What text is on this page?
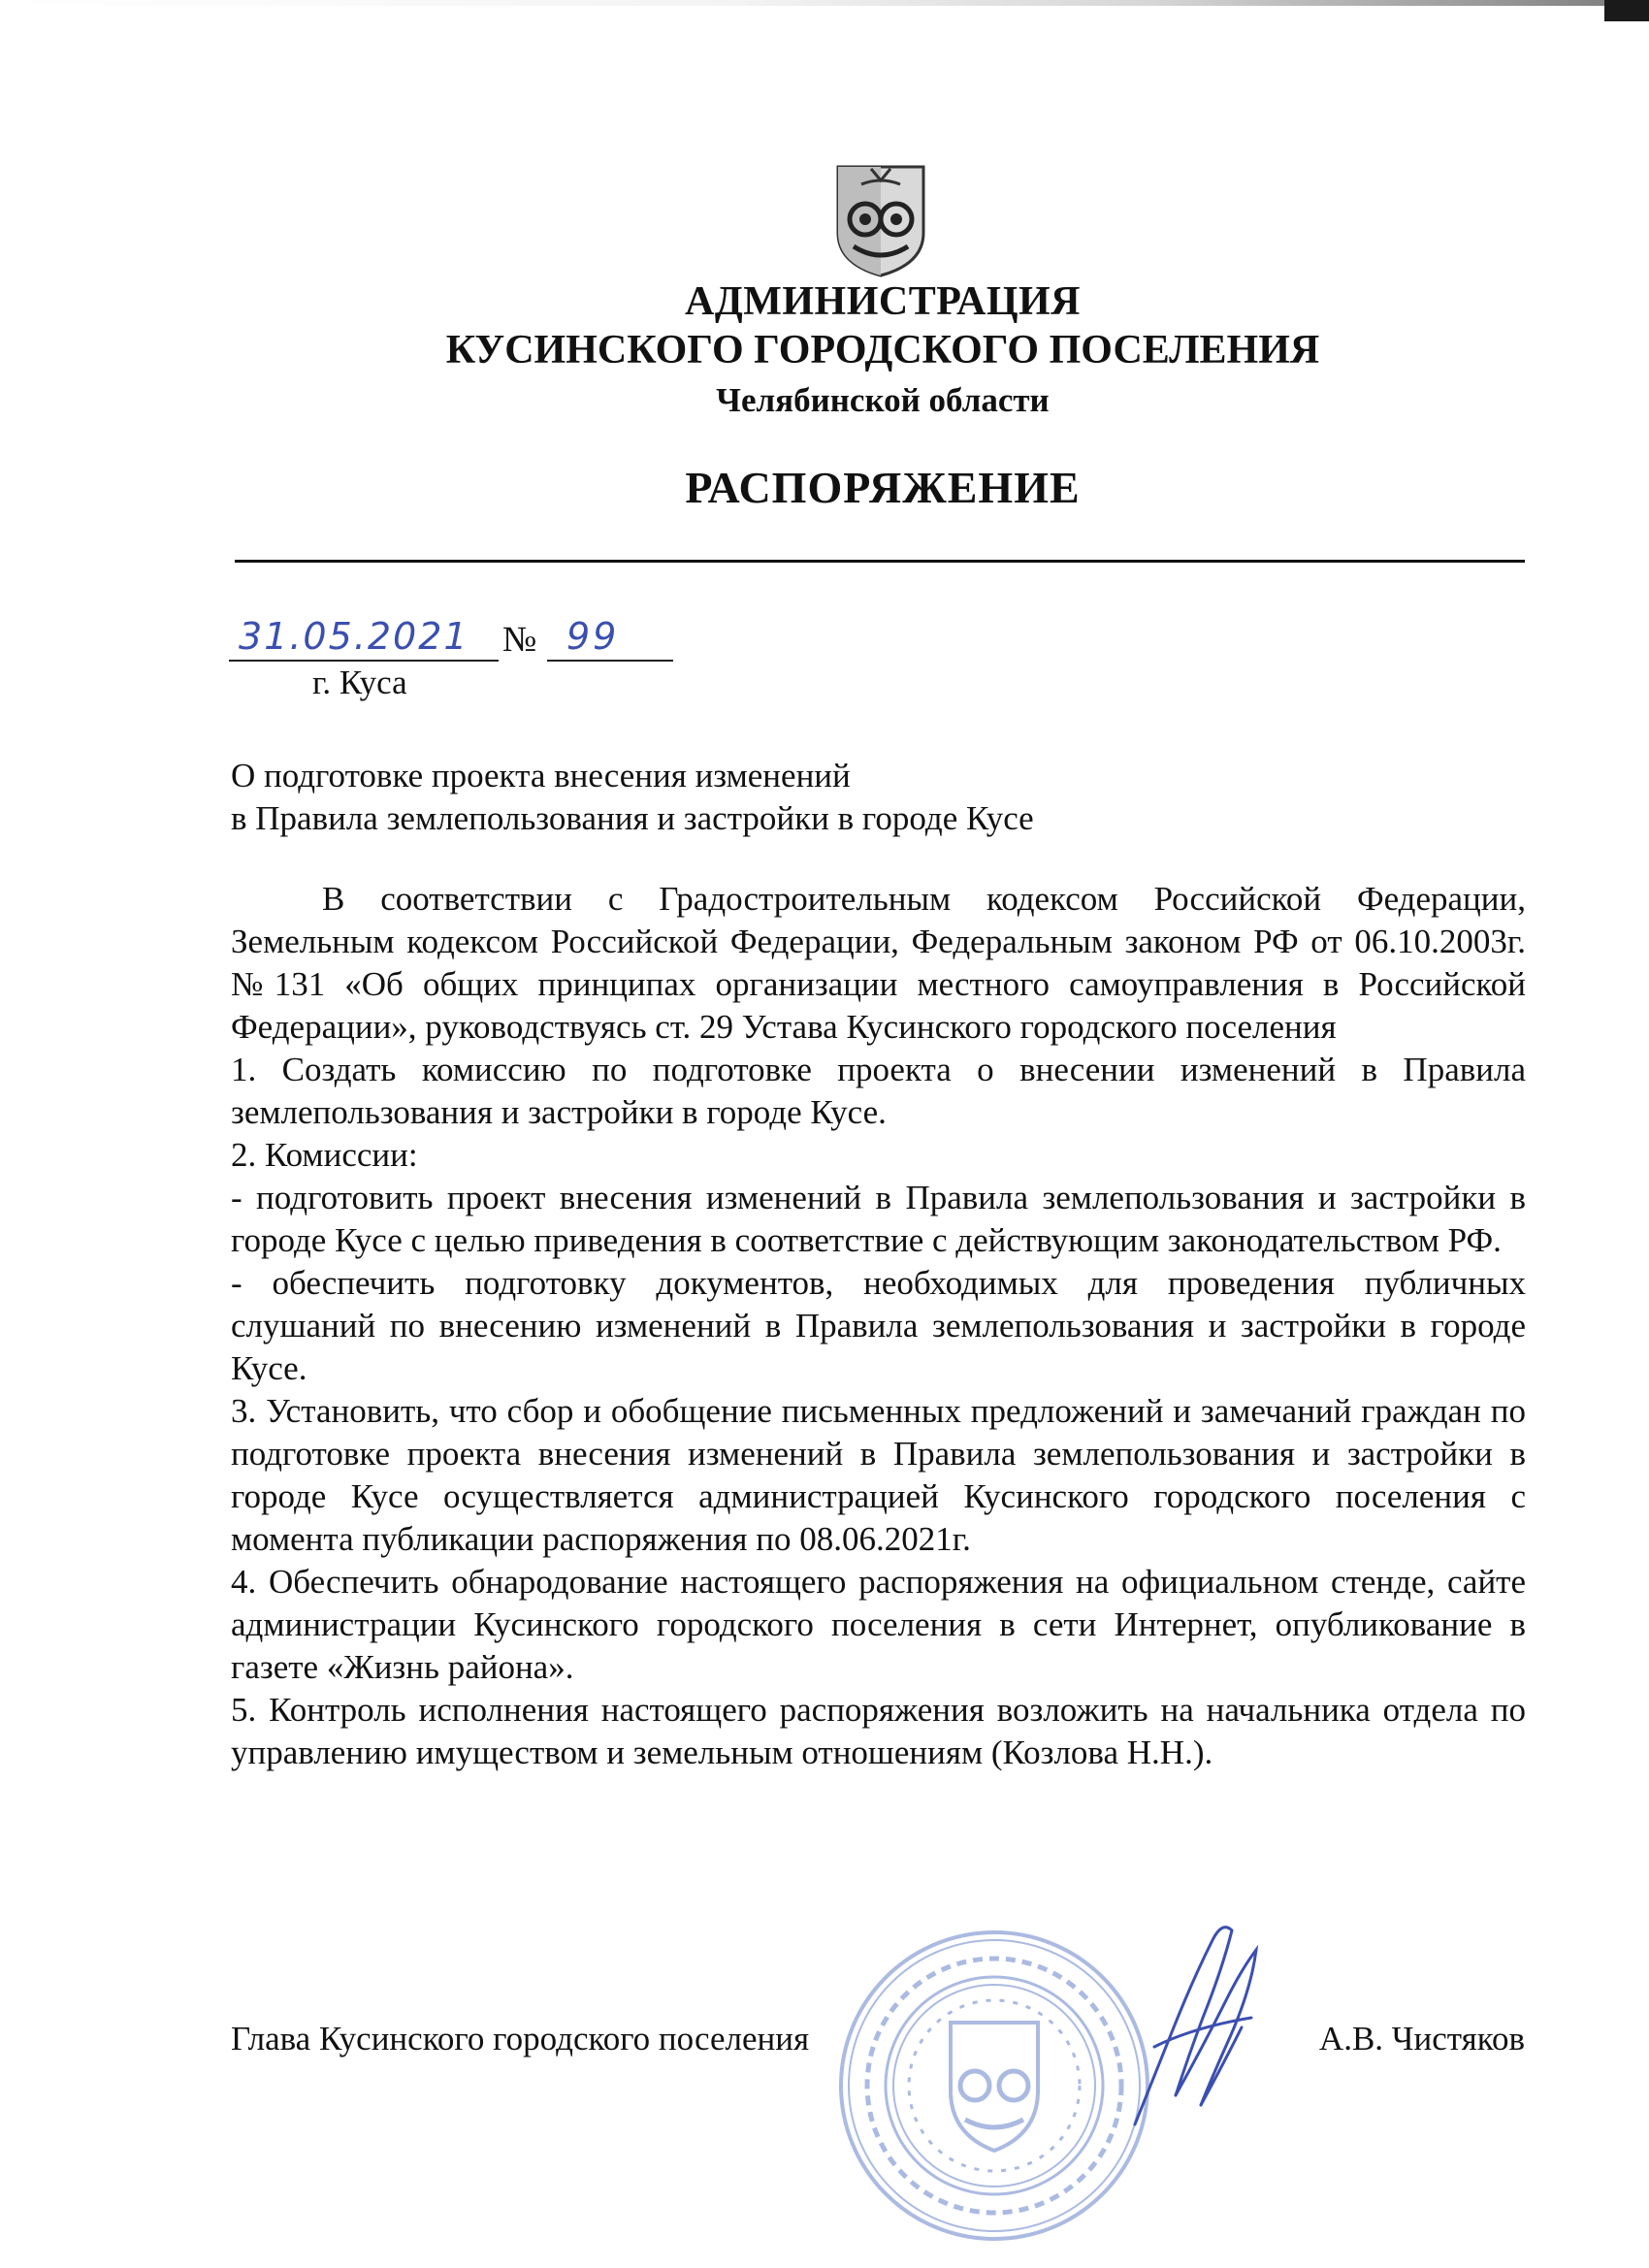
АДМИНИСТРАЦИЯ
КУСИНСКОГО ГОРОДСКОГО ПОСЕЛЕНИЯ
Челябинской области
РАСПОРЯЖЕНИЕ
31.05.2021 № 99
г. Куса
О подготовке проекта внесения изменений
в Правила землепользования и застройки в городе Кусе

В соответствии с Градостроительным кодексом Российской Федерации, Земельным кодексом Российской Федерации, Федеральным законом РФ от 06.10.2003г. №131 «Об общих принципах организации местного самоуправления в Российской Федерации», руководствуясь ст. 29 Устава Кусинского городского поселения

1. Создать комиссию по подготовке проекта о внесении изменений в Правила землепользования и застройки в городе Кусе.

2. Комиссии:

- подготовить проект внесения изменений в Правила землепользования и застройки в городе Кусе с целью приведения в соответствие с действующим законодательством РФ.

- обеспечить подготовку документов, необходимых для проведения публичных слушаний по внесению изменений в Правила землепользования и застройки в городе Кусе.

3. Установить, что сбор и обобщение письменных предложений и замечаний граждан по подготовке проекта внесения изменений в Правила землепользования и застройки в городе Кусе осуществляется администрацией Кусинского городского поселения с момента публикации распоряжения по 08.06.2021г.

4. Обеспечить обнародование настоящего распоряжения на официальном стенде, сайте администрации Кусинского городского поселения в сети Интернет, опубликование в газете «Жизнь района».

5. Контроль исполнения настоящего распоряжения возложить на начальника отдела по управлению имуществом и земельным отношениям (Козлова Н.Н.).

Глава Кусинского городского поселения	А.В. Чистяков
